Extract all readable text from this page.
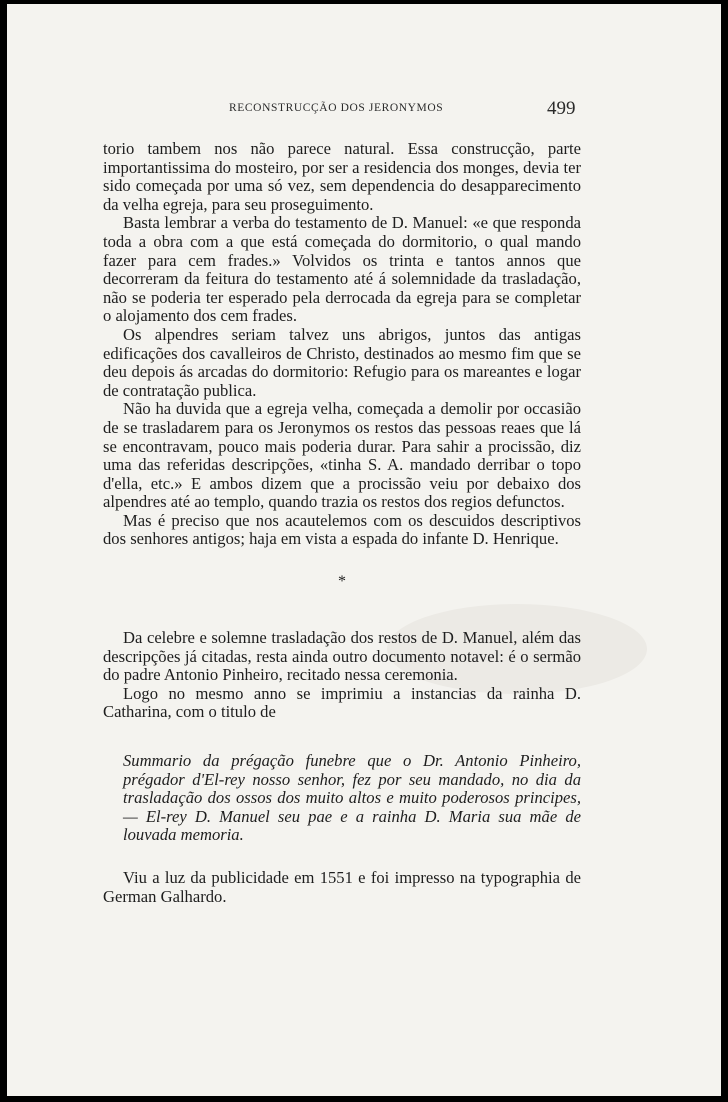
RECONSTRUCÇÃO DOS JERONYMOS	499

torio tambem nos não parece natural. Essa construcção, parte importantissima do mosteiro, por ser a residencia dos monges, devia ter sido começada por uma só vez, sem dependencia do desapparecimento da velha egreja, para seu proseguimento.

Basta lembrar a verba do testamento de D. Manuel: «e que responda toda a obra com a que está começada do dormitorio, o qual mando fazer para cem frades.» Volvidos os trinta e tantos annos que decorreram da feitura do testamento até á solemnidade da trasladação, não se poderia ter esperado pela derrocada da egreja para se completar o alojamento dos cem frades.

Os alpendres seriam talvez uns abrigos, juntos das antigas edificações dos cavalleiros de Christo, destinados ao mesmo fim que se deu depois ás arcadas do dormitorio: Refugio para os mareantes e logar de contratação publica.

Não ha duvida que a egreja velha, começada a demolir por occasião de se trasladarem para os Jeronymos os restos das pessoas reaes que lá se encontravam, pouco mais poderia durar. Para sahir a procissão, diz uma das referidas descripções, «tinha S. A. mandado derribar o topo d'ella, etc.» E ambos dizem que a procissão veiu por debaixo dos alpendres até ao templo, quando trazia os restos dos regios defunctos.

Mas é preciso que nos acautelemos com os descuidos descriptivos dos senhores antigos; haja em vista a espada do infante D. Henrique.

*

Da celebre e solemne trasladação dos restos de D. Manuel, além das descripções já citadas, resta ainda outro documento notavel: é o sermão do padre Antonio Pinheiro, recitado nessa ceremonia.

Logo no mesmo anno se imprimiu a instancias da rainha D. Catharina, com o titulo de

Summario da prégação funebre que o Dr. Antonio Pinheiro, prégador d'El-rey nosso senhor, fez por seu mandado, no dia da trasladação dos ossos dos muito altos e muito poderosos principes, — El-rey D. Manuel seu pae e a rainha D. Maria sua mãe de louvada memoria.

Viu a luz da publicidade em 1551 e foi impresso na typographia de German Galhardo.
